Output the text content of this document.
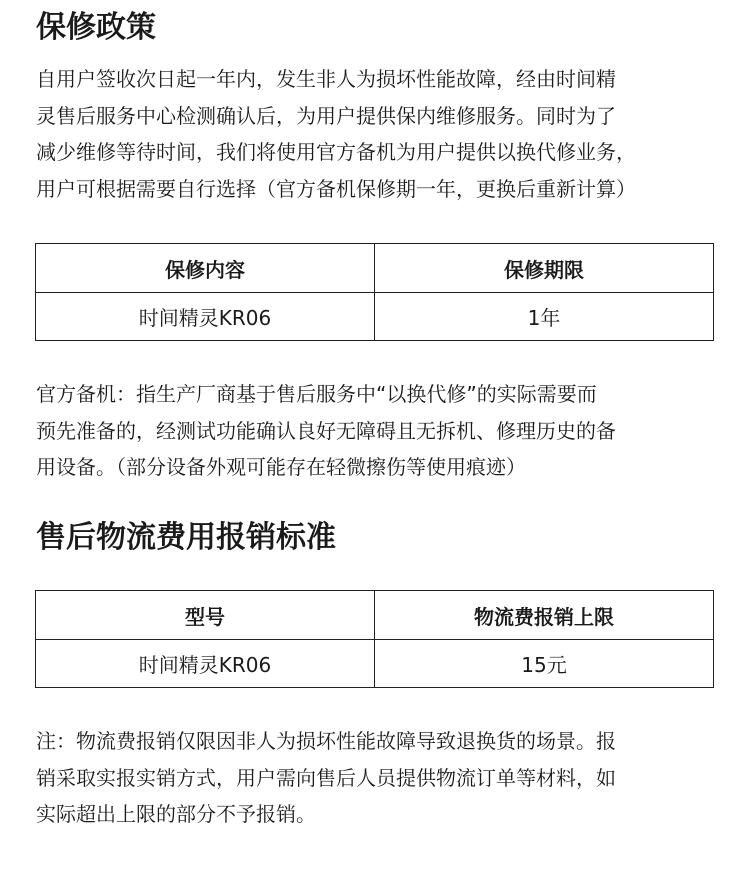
保修政策
自用户签收次日起一年内，发生非人为损坏性能故障，经由时间精
灵售后服务中心检测确认后，为用户提供保内维修服务。同时为了
减少维修等待时间，我们将使用官方备机为用户提供以换代修业务，
用户可根据需要自行选择（官方备机保修期一年，更换后重新计算）
保修内容	保修期限
时间精灵KR06	1年
官方备机：指生产厂商基于售后服务中“以换代修”的实际需要而
预先准备的，经测试功能确认良好无障碍且无拆机、修理历史的备
用设备。（部分设备外观可能存在轻微擦伤等使用痕迹）
售后物流费用报销标准
型号	物流费报销上限
时间精灵KR06	15元
注：物流费报销仅限因非人为损坏性能故障导致退换货的场景。报
销采取实报实销方式，用户需向售后人员提供物流订单等材料，如
实际超出上限的部分不予报销。
